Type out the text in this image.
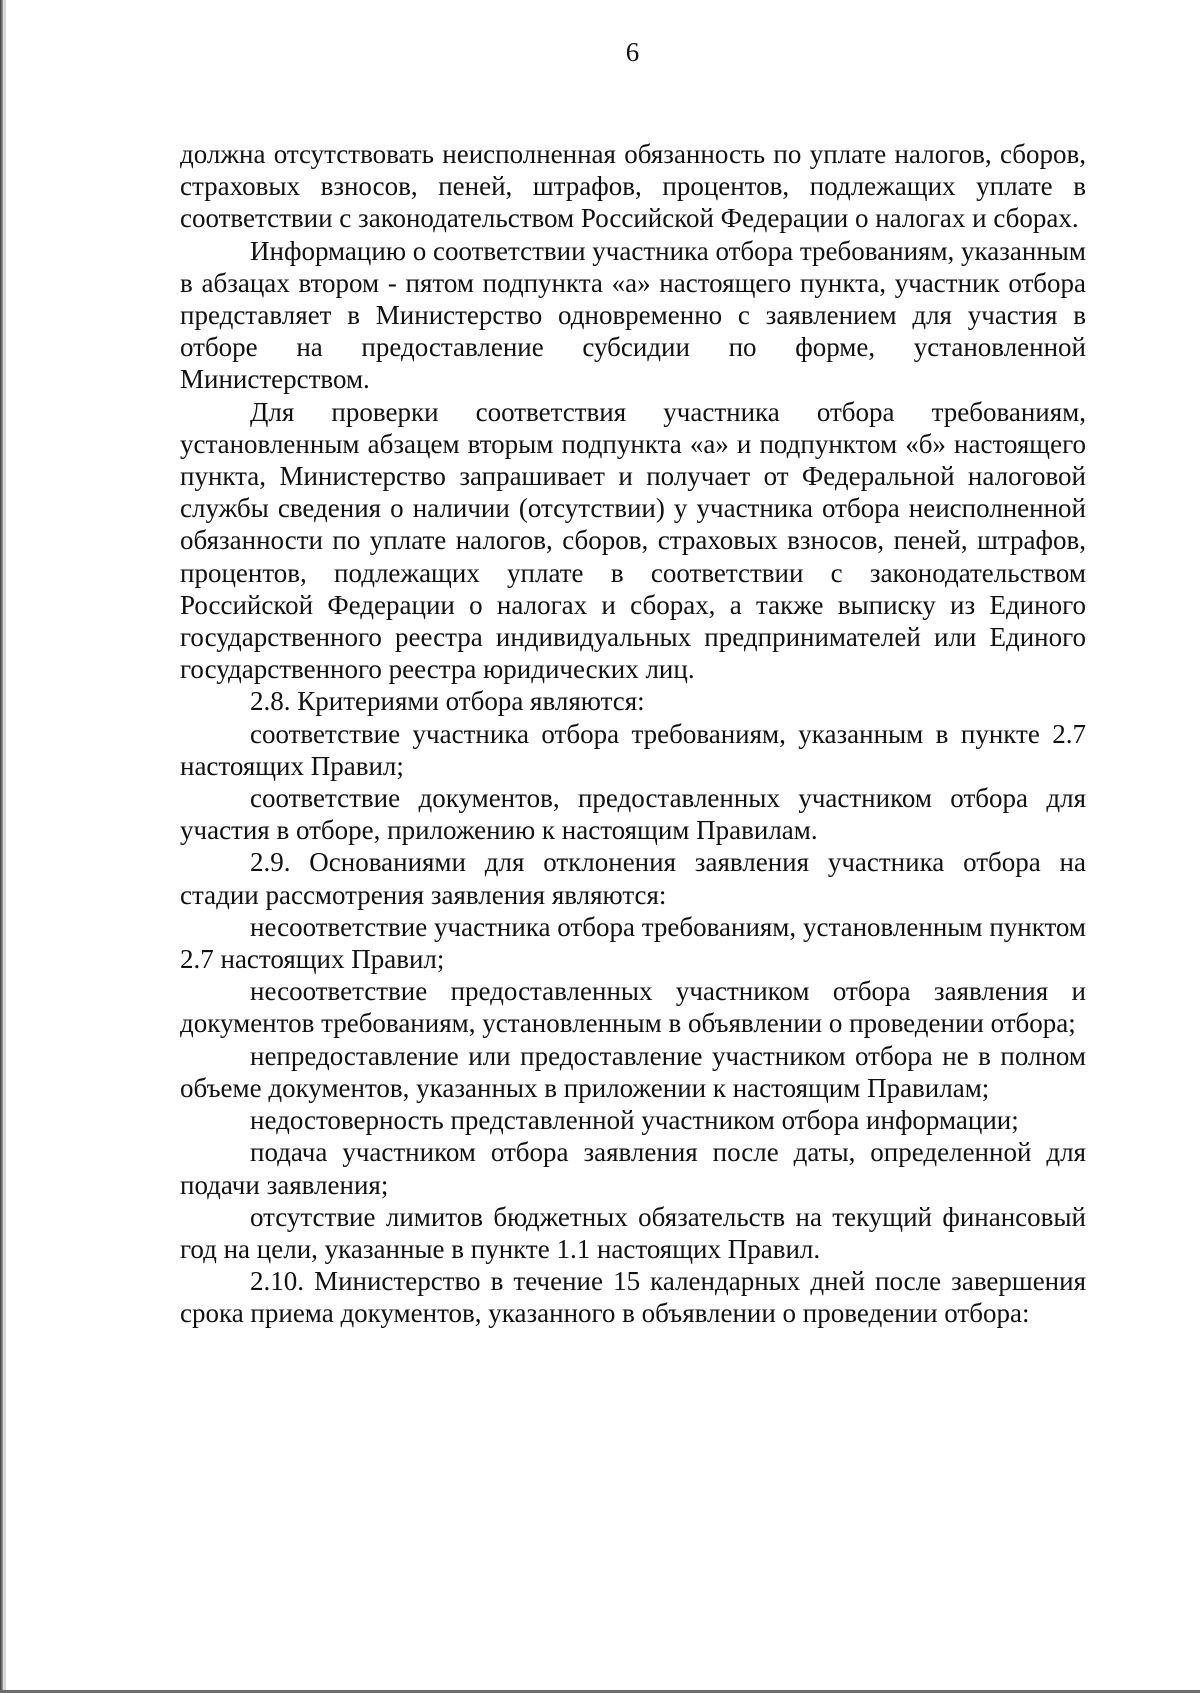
6

должна отсутствовать неисполненная обязанность по уплате налогов, сборов, страховых взносов, пеней, штрафов, процентов, подлежащих уплате в соответствии с законодательством Российской Федерации о налогах и сборах.

Информацию о соответствии участника отбора требованиям, указанным в абзацах втором - пятом подпункта «а» настоящего пункта, участник отбора представляет в Министерство одновременно с заявлением для участия в отборе на предоставление субсидии по форме, установленной Министерством.

Для проверки соответствия участника отбора требованиям, установленным абзацем вторым подпункта «а» и подпунктом «б» настоящего пункта, Министерство запрашивает и получает от Федеральной налоговой службы сведения о наличии (отсутствии) у участника отбора неисполненной обязанности по уплате налогов, сборов, страховых взносов, пеней, штрафов, процентов, подлежащих уплате в соответствии с законодательством Российской Федерации о налогах и сборах, а также выписку из Единого государственного реестра индивидуальных предпринимателей или Единого государственного реестра юридических лиц.

2.8. Критериями отбора являются:

соответствие участника отбора требованиям, указанным в пункте 2.7 настоящих Правил;

соответствие документов, предоставленных участником отбора для участия в отборе, приложению к настоящим Правилам.

2.9. Основаниями для отклонения заявления участника отбора на стадии рассмотрения заявления являются:

несоответствие участника отбора требованиям, установленным пунктом 2.7 настоящих Правил;

несоответствие предоставленных участником отбора заявления и документов требованиям, установленным в объявлении о проведении отбора;

непредоставление или предоставление участником отбора не в полном объеме документов, указанных в приложении к настоящим Правилам;

недостоверность представленной участником отбора информации;

подача участником отбора заявления после даты, определенной для подачи заявления;

отсутствие лимитов бюджетных обязательств на текущий финансовый год на цели, указанные в пункте 1.1 настоящих Правил.

2.10. Министерство в течение 15 календарных дней после завершения срока приема документов, указанного в объявлении о проведении отбора:
